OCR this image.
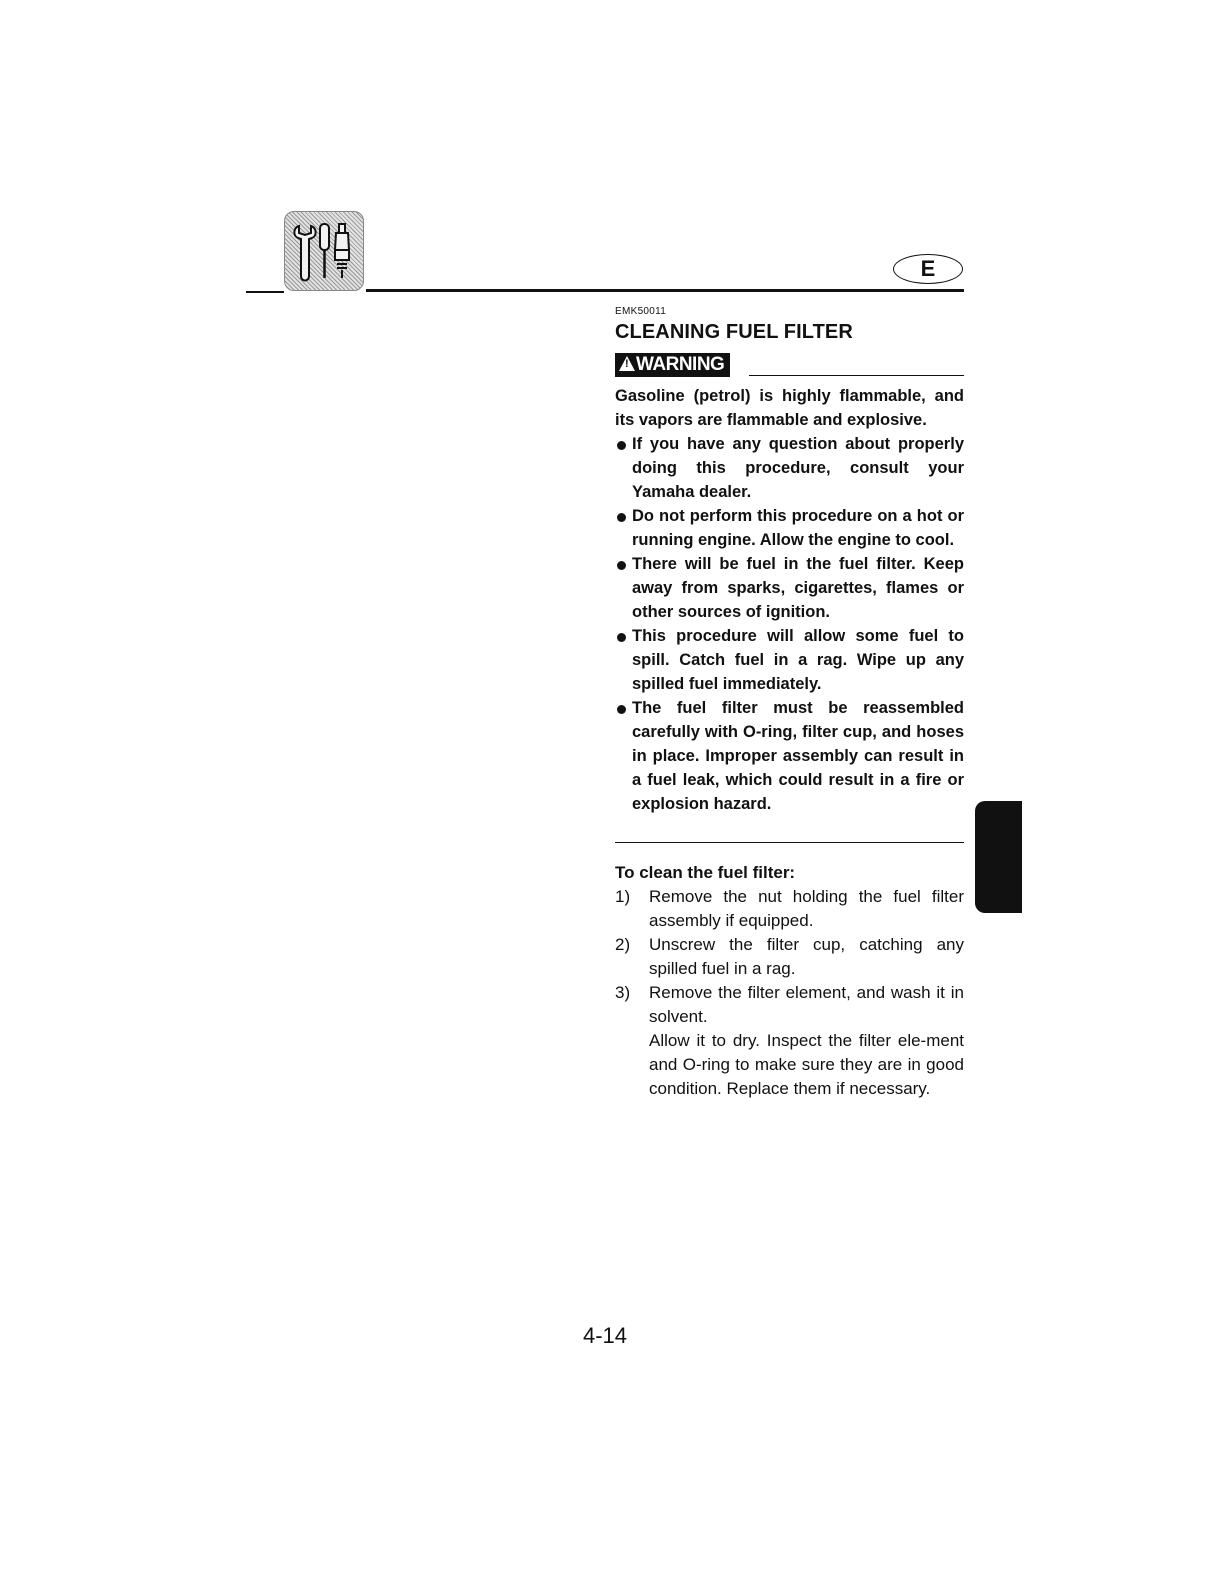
E
EMK50011
CLEANING FUEL FILTER
!WARNING

Gasoline (petrol) is highly flammable, and its vapors are flammable and explosive.

If you have any question about properly doing this procedure, consult your Yamaha dealer.
Do not perform this procedure on a hot or running engine. Allow the engine to cool.
There will be fuel in the fuel filter. Keep away from sparks, cigarettes, flames or other sources of ignition.
This procedure will allow some fuel to spill. Catch fuel in a rag. Wipe up any spilled fuel immediately.
The fuel filter must be reassembled carefully with O-ring, filter cup, and hoses in place. Improper assembly can result in a fuel leak, which could result in a fire or explosion hazard.

To clean the fuel filter:

1) Remove the nut holding the fuel filter assembly if equipped.

2) Unscrew the filter cup, catching any spilled fuel in a rag.

3) Remove the filter element, and wash it in solvent.

Allow it to dry. Inspect the filter ele-ment and O-ring to make sure they are in good condition. Replace them if necessary.

4-14
